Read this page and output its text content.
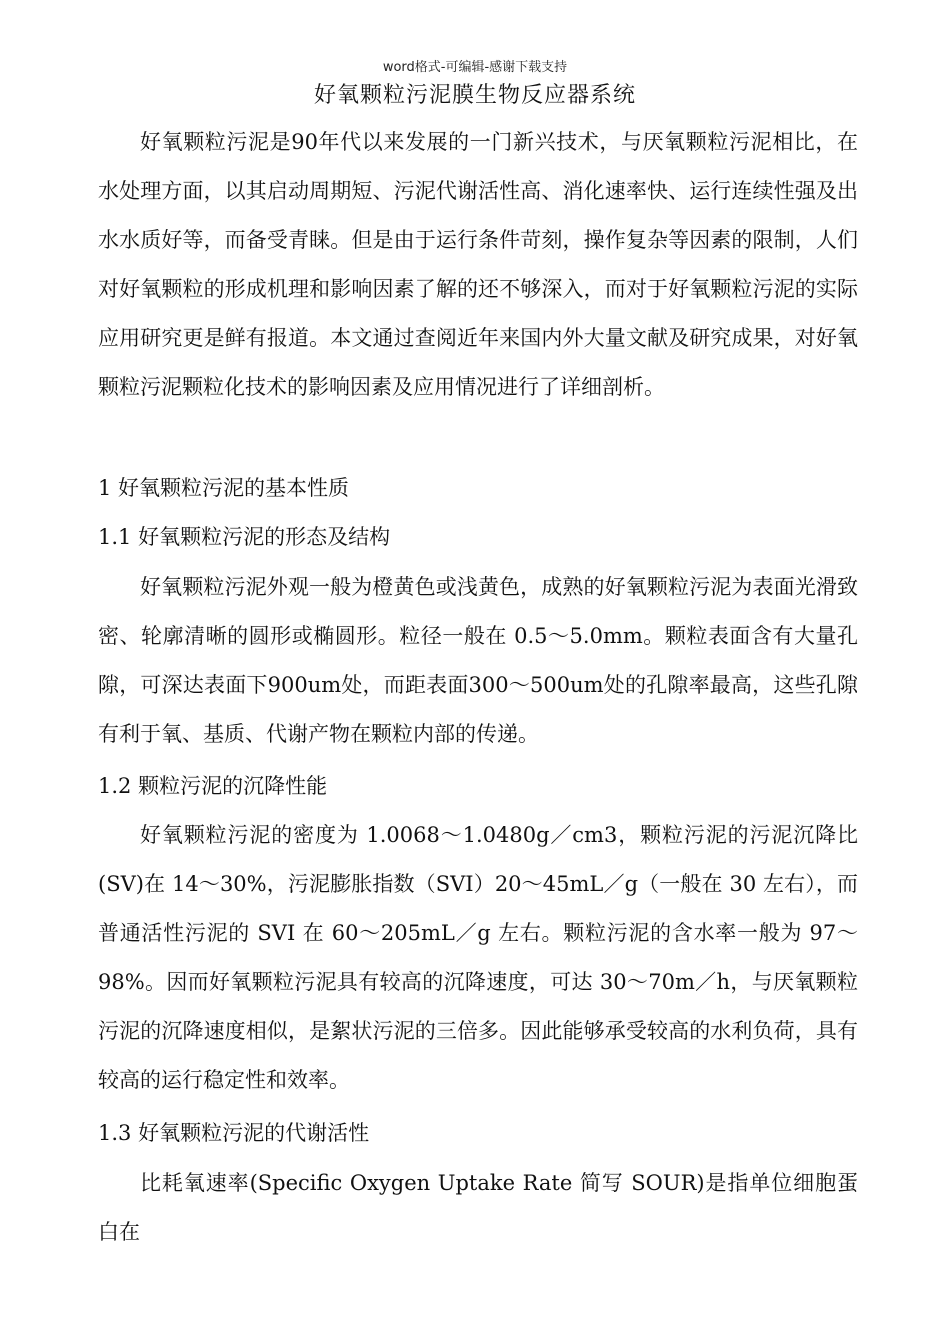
word格式-可编辑-感谢下载支持
好氧颗粒污泥膜生物反应器系统

好氧颗粒污泥是90年代以来发展的一门新兴技术，与厌氧颗粒污泥相比，在水处理方面，以其启动周期短、污泥代谢活性高、消化速率快、运行连续性强及出水水质好等，而备受青睐。但是由于运行条件苛刻，操作复杂等因素的限制，人们对好氧颗粒的形成机理和影响因素了解的还不够深入，而对于好氧颗粒污泥的实际应用研究更是鲜有报道。本文通过查阅近年来国内外大量文献及研究成果，对好氧颗粒污泥颗粒化技术的影响因素及应用情况进行了详细剖析。

1 好氧颗粒污泥的基本性质

1.1 好氧颗粒污泥的形态及结构

好氧颗粒污泥外观一般为橙黄色或浅黄色，成熟的好氧颗粒污泥为表面光滑致密、轮廓清晰的圆形或椭圆形。粒径一般在 0.5～5.0mm。颗粒表面含有大量孔隙，可深达表面下900um处，而距表面300～500um处的孔隙率最高，这些孔隙有利于氧、基质、代谢产物在颗粒内部的传递。

1.2 颗粒污泥的沉降性能

好氧颗粒污泥的密度为 1.0068～1.0480g／cm3，颗粒污泥的污泥沉降比(SV)在 14～30%，污泥膨胀指数（SVI）20～45mL／g（一般在 30 左右），而普通活性污泥的 SVI 在 60～205mL／g 左右。颗粒污泥的含水率一般为 97～98%。因而好氧颗粒污泥具有较高的沉降速度，可达 30～70m／h，与厌氧颗粒污泥的沉降速度相似，是絮状污泥的三倍多。因此能够承受较高的水利负荷，具有较高的运行稳定性和效率。

1.3 好氧颗粒污泥的代谢活性

比耗氧速率(Specific Oxygen Uptake Rate 简写 SOUR)是指单位细胞蛋白在
